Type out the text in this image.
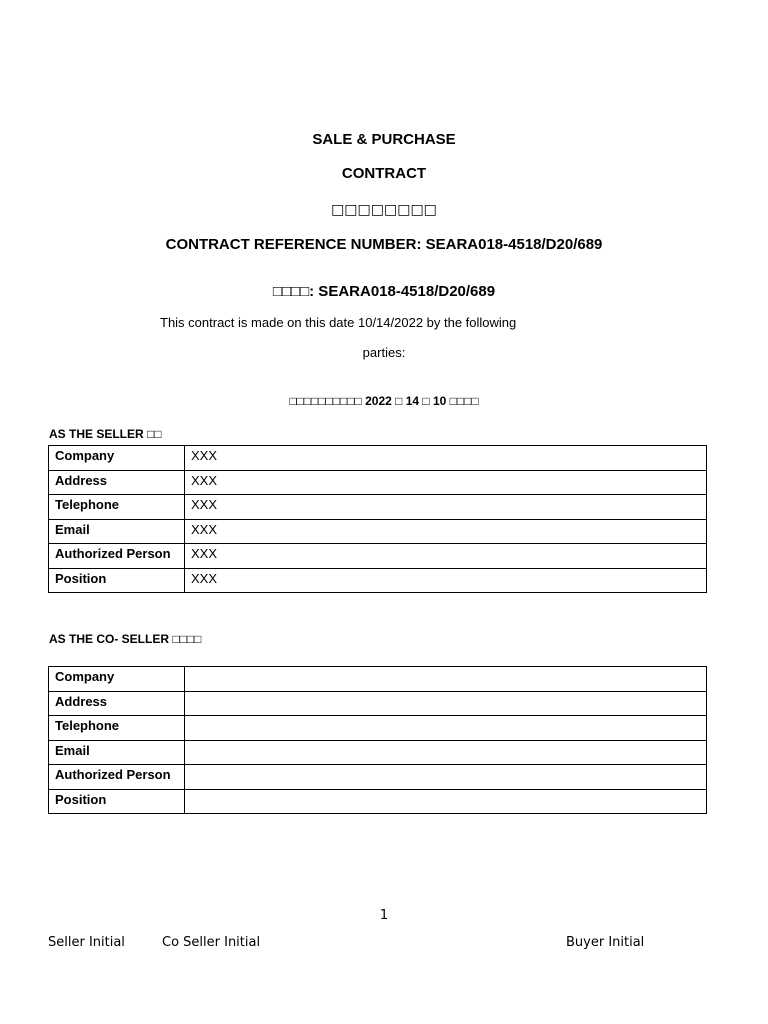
SALE & PURCHASE
CONTRACT
□□□□□□□□
CONTRACT REFERENCE NUMBER: SEARA018-4518/D20/689
□□□□: SEARA018-4518/D20/689
This contract is made on this date 10/14/2022 by the following
parties:
□□□□□□□□□□ 2022 □ 14 □ 10 □□□□
AS THE SELLER □□
Company	XXX
Address	XXX
Telephone	XXX
Email	XXX
Authorized Person	XXX
Position	XXX
AS THE CO- SELLER □□□□
Company	
Address	
Telephone	
Email	
Authorized Person	
Position	
1
Seller Initial	Co Seller Initial	Buyer Initial
